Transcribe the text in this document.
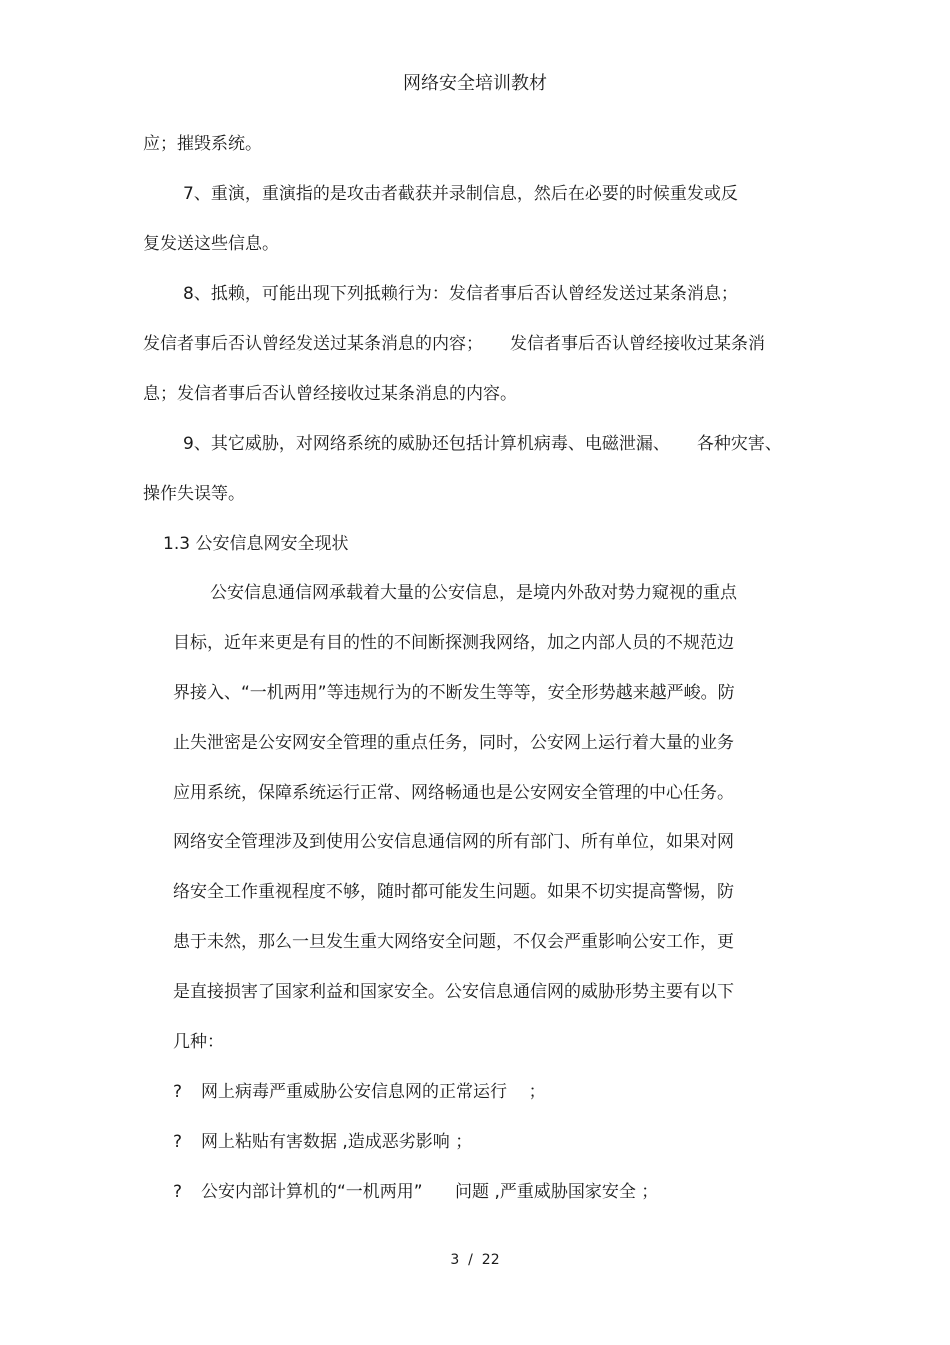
网络安全培训教材
应；摧毁系统。
7、重演，重演指的是攻击者截获并录制信息，然后在必要的时候重发或反
复发送这些信息。
8、抵赖，可能出现下列抵赖行为：发信者事后否认曾经发送过某条消息；
发信者事后否认曾经发送过某条消息的内容；     发信者事后否认曾经接收过某条消
息；发信者事后否认曾经接收过某条消息的内容。
9、其它威胁，对网络系统的威胁还包括计算机病毒、电磁泄漏、     各种灾害、
操作失误等。
1.3 公安信息网安全现状
公安信息通信网承载着大量的公安信息，是境内外敌对势力窥视的重点
目标，近年来更是有目的性的不间断探测我网络，加之内部人员的不规范边
界接入、“一机两用”等违规行为的不断发生等等，安全形势越来越严峻。防
止失泄密是公安网安全管理的重点任务，同时，公安网上运行着大量的业务
应用系统，保障系统运行正常、网络畅通也是公安网安全管理的中心任务。
网络安全管理涉及到使用公安信息通信网的所有部门、所有单位，如果对网
络安全工作重视程度不够，随时都可能发生问题。如果不切实提高警惕，防
患于未然，那么一旦发生重大网络安全问题，不仅会严重影响公安工作，更
是直接损害了国家利益和国家安全。公安信息通信网的威胁形势主要有以下
几种：
? 网上病毒严重威胁公安信息网的正常运行    ；
? 网上粘贴有害数据 ,造成恶劣影响 ；
? 公安内部计算机的“一机两用”      问题 ,严重威胁国家安全 ；
3  /  22
